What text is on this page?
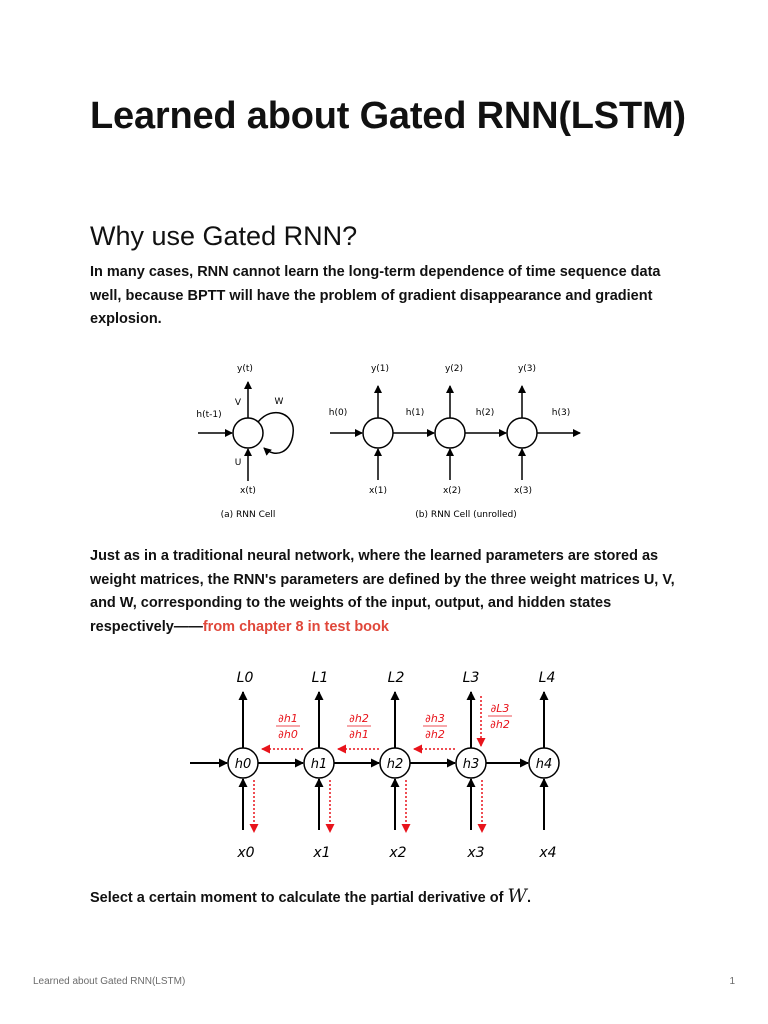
Learned about Gated RNN(LSTM)
Why use Gated RNN?

In many cases, RNN cannot learn the long-term dependence of time sequence data well, because BPTT will have the problem of gradient disappearance and gradient explosion.

y(t)
h(t-1)
V	W
U
x(t)
(a) RNN Cell
y(1)	y(2)	y(3)
h(0)	h(1)	h(2)	h(3)
x(1)	x(2)	x(3)
(b) RNN Cell (unrolled)

Just as in a traditional neural network, where the learned parameters are stored as weight matrices, the RNN's parameters are defined by the three weight matrices U, V, and W, corresponding to the weights of the input, output, and hidden states respectively——from chapter 8 in test book

h0	h1	h2	h3	h4
∂h1
∂h0
∂h2
∂h1
∂h3
∂h2
∂L3
∂h2
L0	L1	L2	L3	L4
x0	x1	x2	x3	x4

Select a certain moment to calculate the partial derivative of W.

Learned about Gated RNN(LSTM)	1
